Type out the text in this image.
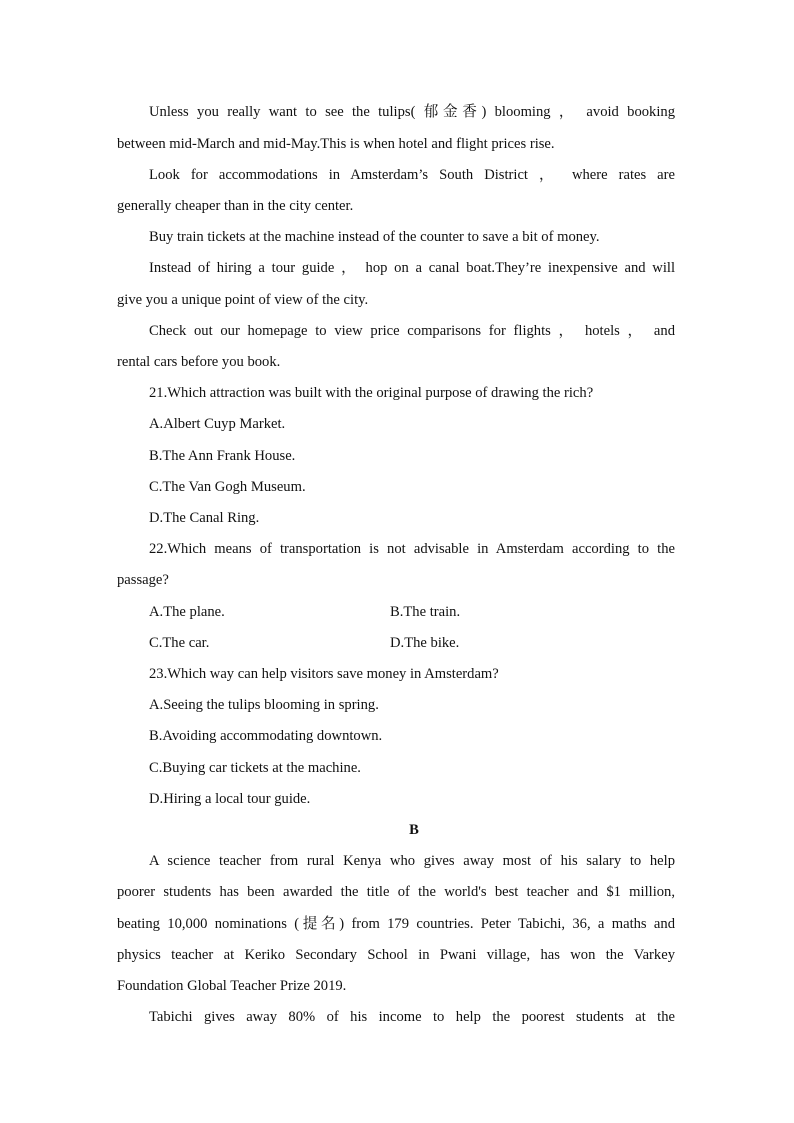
Unless you really want to see the tulips( 郁金香) blooming ， avoid booking
between mid-March and mid-May.This is when hotel and flight prices rise.
Look for accommodations in Amsterdam’s South District ， where rates are
generally cheaper than in the city center.
Buy train tickets at the machine instead of the counter to save a bit of money.
Instead of hiring a tour guide ， hop on a canal boat.They’re inexpensive and will
give you a unique point of view of the city.
Check out our homepage to view price comparisons for flights ， hotels ， and
rental cars before you book.
21.Which attraction was built with the original purpose of drawing the rich?
A.Albert Cuyp Market.
B.The Ann Frank House.
C.The Van Gogh Museum.
D.The Canal Ring.
22.Which means of transportation is not advisable in Amsterdam according to the
passage?
A.The plane.	B.The train.
C.The car.	D.The bike.
23.Which way can help visitors save money in Amsterdam?
A.Seeing the tulips blooming in spring.
B.Avoiding accommodating downtown.
C.Buying car tickets at the machine.
D.Hiring a local tour guide.
B
A science teacher from rural Kenya who gives away most of his salary to help
poorer students has been awarded the title of the world's best teacher and $1 million,
beating 10,000 nominations (提名) from 179 countries. Peter Tabichi, 36, a maths and
physics teacher at Keriko Secondary School in Pwani village, has won the Varkey
Foundation Global Teacher Prize 2019.
Tabichi gives away 80% of his income to help the poorest students at the
